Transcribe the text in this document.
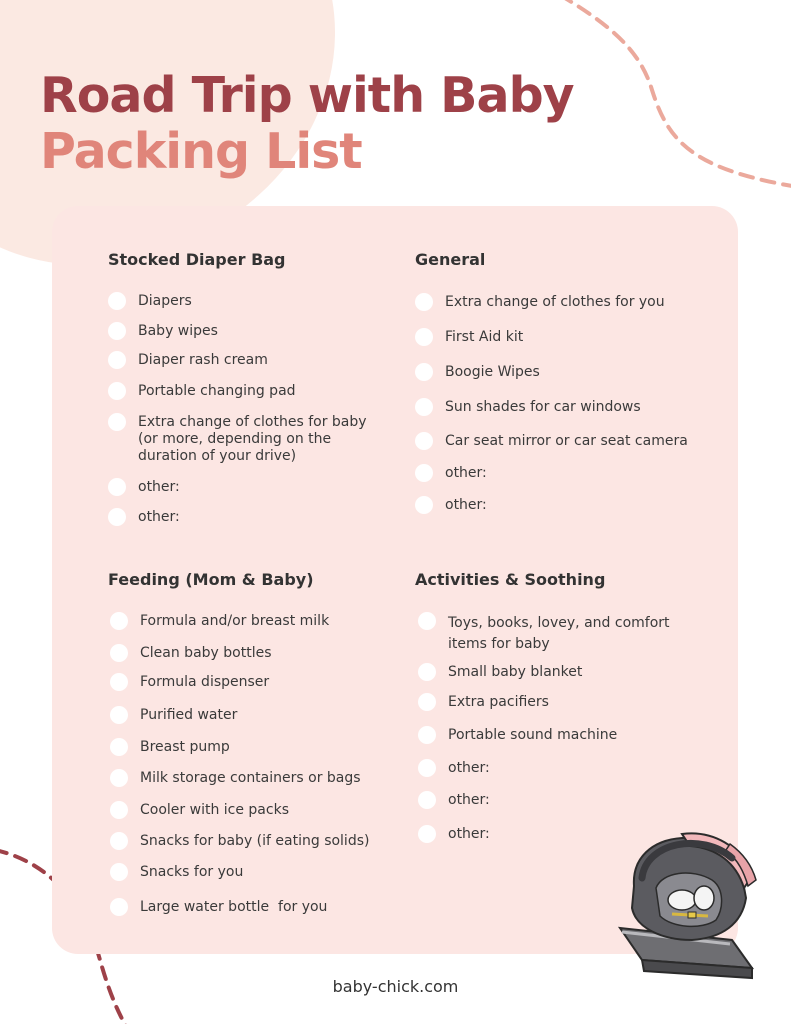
Road Trip with Baby
Packing List
Stocked Diaper Bag
Diapers
Baby wipes
Diaper rash cream
Portable changing pad
Extra change of clothes for baby (or more, depending on the duration of your drive)
other:
other:
General
Extra change of clothes for you
First Aid kit
Boogie Wipes
Sun shades for car windows
Car seat mirror or car seat camera
other:
other:
Feeding (Mom & Baby)
Formula and/or breast milk
Clean baby bottles
Formula dispenser
Purified water
Breast pump
Milk storage containers or bags
Cooler with ice packs
Snacks for baby (if eating solids)
Snacks for you
Large water bottle  for you
Activities & Soothing
Toys, books, lovey, and comfort items for baby
Small baby blanket
Extra pacifiers
Portable sound machine
other:
other:
other:
baby-chick.com
